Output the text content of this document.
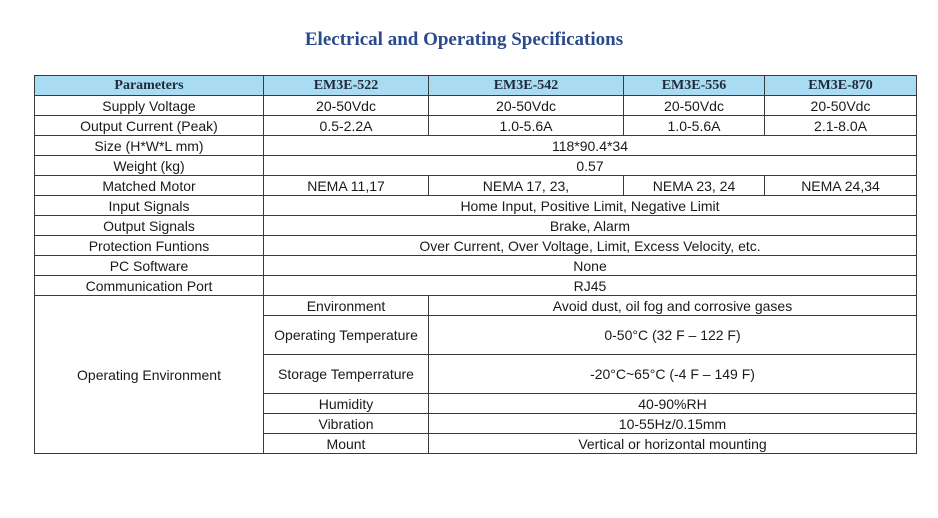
Electrical and Operating Specifications
Parameters	EM3E-522	EM3E-542	EM3E-556	EM3E-870
Supply Voltage	20-50Vdc	20-50Vdc	20-50Vdc	20-50Vdc
Output Current (Peak)	0.5-2.2A	1.0-5.6A	1.0-5.6A	2.1-8.0A
Size (H*W*L mm)	118*90.4*34			
Weight (kg)	0.57			
Matched Motor	NEMA 11,17	NEMA 17, 23,	NEMA 23, 24	NEMA 24,34
Input Signals	Home Input, Positive Limit, Negative Limit			
Output Signals	Brake, Alarm			
Protection Funtions	Over Current, Over Voltage, Limit, Excess Velocity, etc.			
PC Software	None			
Communication Port	RJ45			
Operating Environment	Environment	Avoid dust, oil fog and corrosive gases		
	Operating Temperature	0-50°C (32 F – 122 F)		
	Storage Temperrature	-20°C~65°C (-4 F – 149 F)		
	Humidity	40-90%RH		
	Vibration	10-55Hz/0.15mm		
	Mount	Vertical or horizontal mounting		
